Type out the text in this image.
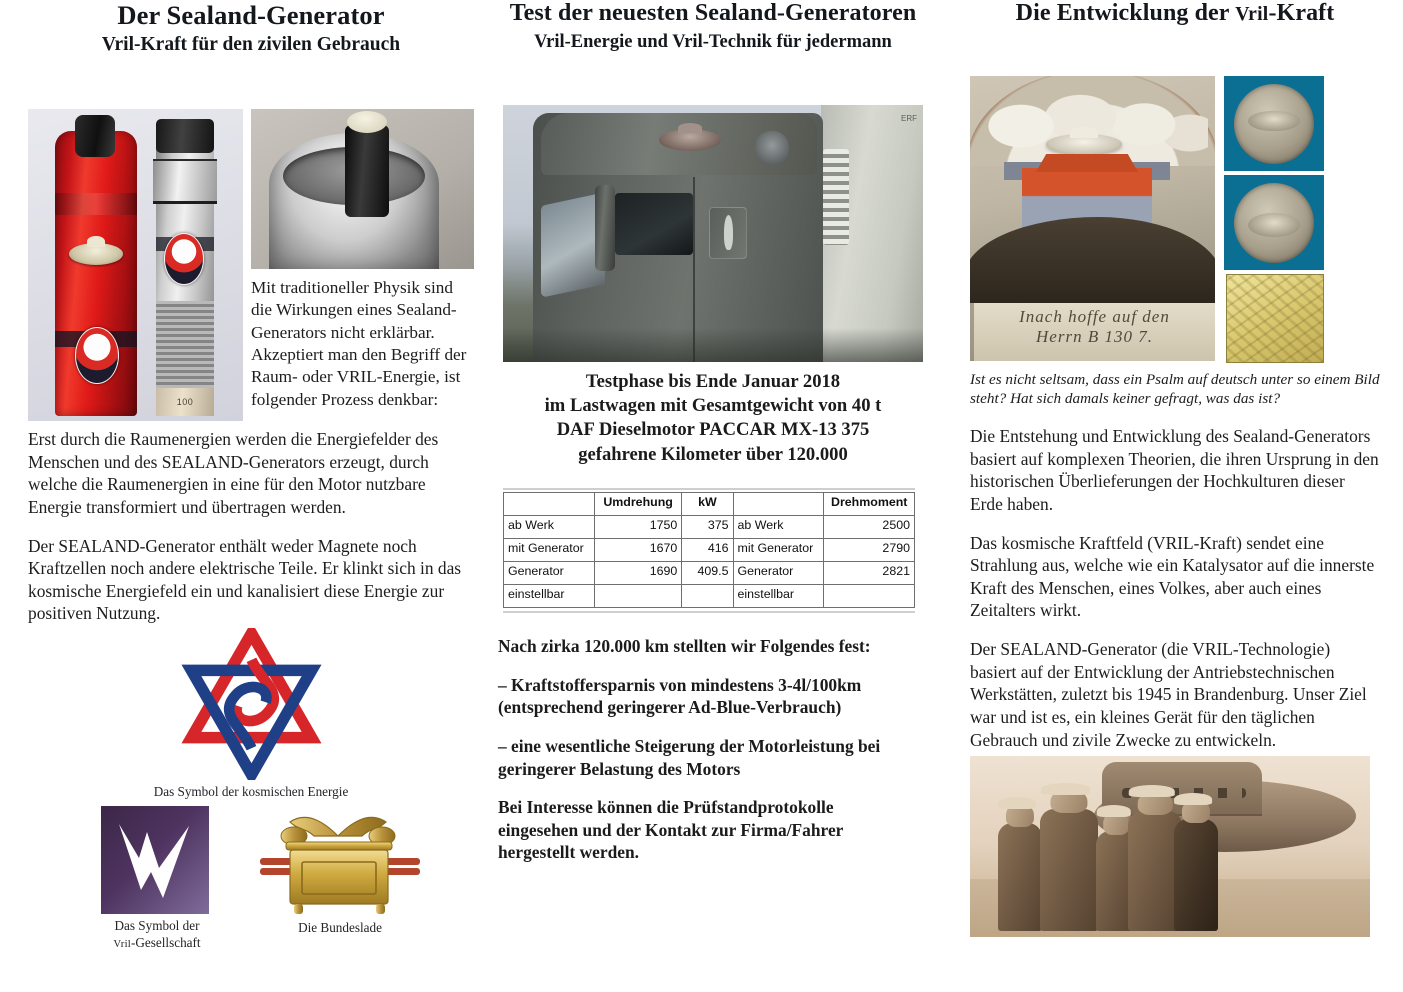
Der Sealand-Generator
Vril-Kraft für den zivilen Gebrauch
100

Mit traditioneller Physik sind die Wirkungen eines Sealand-Generators nicht erklärbar. Akzeptiert man den Begriff der Raum- oder VRIL-Energie, ist folgender Prozess denkbar:

Erst durch die Raumenergien werden die Energiefelder des Menschen und des SEALAND-Generators erzeugt, durch welche die Raumenergien in eine für den Motor nutzbare Energie transformiert und übertragen werden.

Der SEALAND-Generator enthält weder Magnete noch Kraftzellen noch andere elektrische Teile. Er klinkt sich in das kosmische Energiefeld ein und kanalisiert diese Energie zur positiven Nutzung.

Das Symbol der kosmischen Energie

Das Symbol der
Vril-Gesellschaft

Die Bundeslade

Test der neuesten Sealand-Generatoren
Vril-Energie und Vril-Technik für jedermann
ERF

Testphase bis Ende Januar 2018

im Lastwagen mit Gesamtgewicht von 40 t

DAF Dieselmotor PACCAR MX-13 375

gefahrene Kilometer über 120.000

	Umdrehung	kW		Drehmoment
ab Werk	1750	375	ab Werk	2500
mit Generator	1670	416	mit Generator	2790
Generator	1690	409.5	Generator	2821
einstellbar			einstellbar	

Nach zirka 120.000 km stellten wir Folgendes fest:

– Kraftstoffersparnis von mindestens 3-4l/100km (entsprechend geringerer Ad-Blue-Verbrauch)

– eine wesentliche Steigerung der Motorleistung bei geringerer Belastung des Motors

Bei Interesse können die Prüfstandprotokolle eingesehen und der Kontakt zur Firma/Fahrer hergestellt werden.

Die Entwicklung der Vril-Kraft
Inach hoffe auf den
Herrn B 130 7.

Ist es nicht seltsam, dass ein Psalm auf deutsch unter so einem Bild steht? Hat sich damals keiner gefragt, was das ist?

Die Entstehung und Entwicklung des Sealand-Generators basiert auf komplexen Theorien, die ihren Ursprung in den historischen Überlieferungen der Hochkulturen dieser Erde haben.

Das kosmische Kraftfeld (VRIL-Kraft) sendet eine Strahlung aus, welche wie ein Katalysator auf die innerste Kraft des Menschen, eines Volkes, aber auch eines Zeitalters wirkt.

Der SEALAND-Generator (die VRIL-Technologie) basiert auf der Entwicklung der Antriebstechnischen Werkstätten, zuletzt bis 1945 in Brandenburg. Unser Ziel war und ist es, ein kleines Gerät für den täglichen Gebrauch und zivile Zwecke zu entwickeln.
